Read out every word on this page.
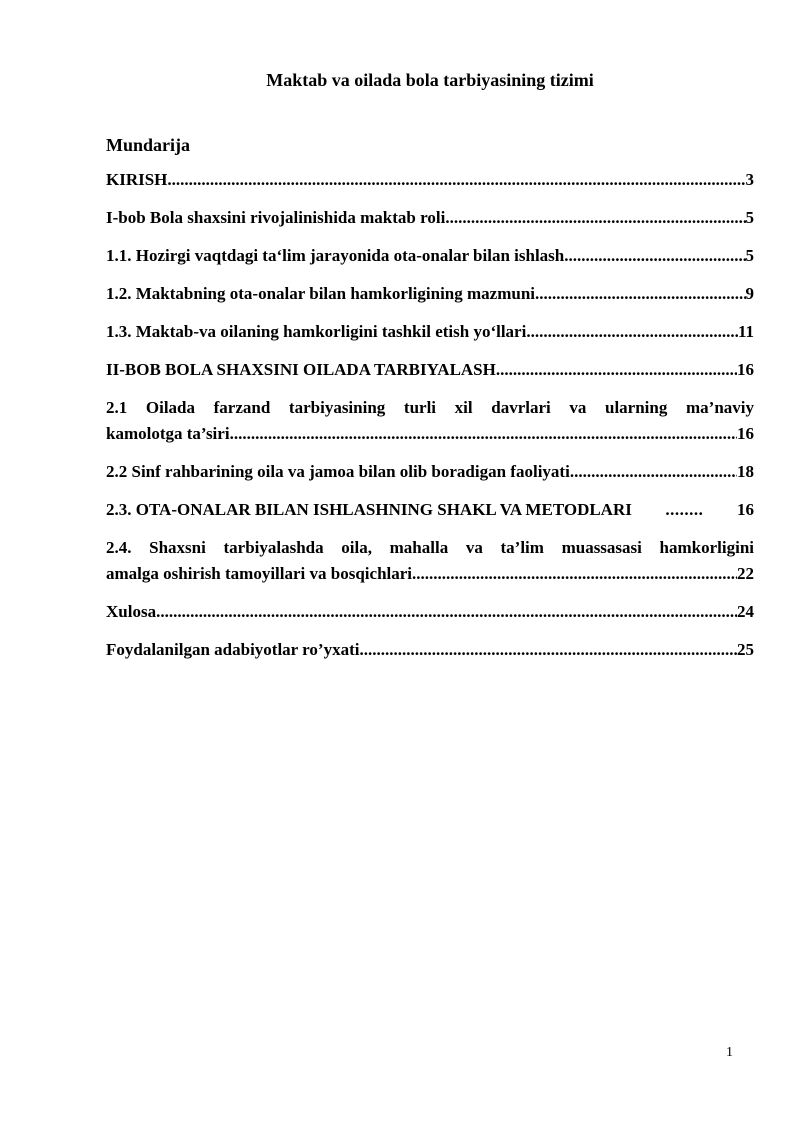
Maktab va oilada bola tarbiyasining tizimi
Mundarija
KIRISH .....	3
I-bob Bola shaxsini rivojalinishida maktab roli .....	5
1.1. Hozirgi vaqtdagi ta‘lim jarayonida ota-onalar bilan ishlash .....	5
1.2. Maktabning ota-onalar bilan hamkorligining mazmuni .....	9
1.3. Maktab-va oilaning hamkorligini tashkil etish yo‘llari .....	11
II-BOB BOLA SHAXSINI OILADA TARBIYALASH .....	16
2.1 Oilada farzand tarbiyasining turli xil davrlari va ularning ma’naviy
kamolotga ta’siri .....	16
2.2 Sinf rahbarining oila va jamoa bilan olib boradigan faoliyati .....	18
2.3. OTA-ONALAR BILAN ISHLASHNING SHAKL VA METODLARI ........ 16
2.4. Shaxsni tarbiyalashda oila, mahalla va ta’lim muassasasi hamkorligini
amalga oshirish tamoyillari va bosqichlari .....	22
Xulosa .....	24
Foydalanilgan adabiyotlar ro’yxati .....	25
1
